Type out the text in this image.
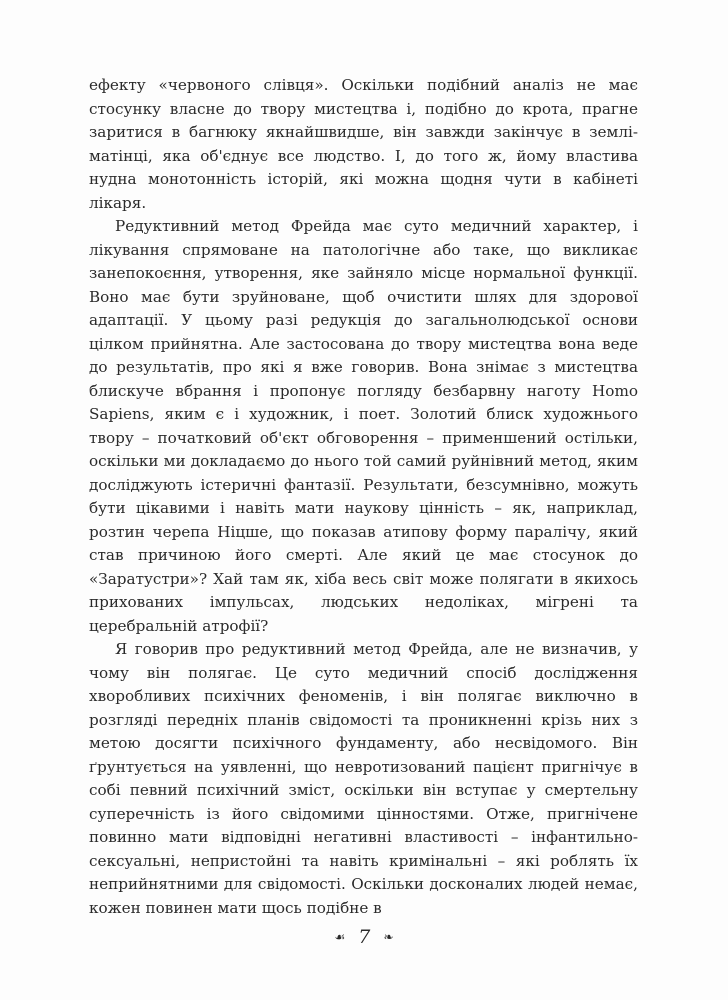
ефекту «червоного слівця». Оскільки подібний аналіз не має стосунку власне до твору мистецтва і, подібно до крота, прагне заритися в багнюку якнайшвидше, він завжди закінчує в землі-матінці, яка об'єднує все людство. І, до того ж, йому властива нудна монотонність історій, які можна щодня чути в кабінеті лікаря.

Редуктивний метод Фрейда має суто медичний характер, і лікування спрямоване на патологічне або таке, що викликає занепокоєння, утворення, яке зайняло місце нормальної функції. Воно має бути зруйноване, щоб очистити шлях для здорової адаптації. У цьому разі редукція до загальнолюдської основи цілком прийнятна. Але застосована до твору мистецтва вона веде до результатів, про які я вже говорив. Вона знімає з мистецтва блискуче вбрання і пропонує погляду безбарвну наготу Homo Sapiens, яким є і художник, і поет. Золотий блиск художнього твору – початковий об'єкт обговорення – применшений остільки, оскільки ми докладаємо до нього той самий руйнівний метод, яким досліджують істеричні фантазії. Результати, безсумнівно, можуть бути цікавими і навіть мати наукову цінність – як, наприклад, розтин черепа Ніцше, що показав атипову форму паралічу, який став причиною його смерті. Але який це має стосунок до «Заратустри»? Хай там як, хіба весь світ може полягати в якихось прихованих імпульсах, людських недоліках, мігрені та церебральній атрофії?

Я говорив про редуктивний метод Фрейда, але не визначив, у чому він полягає. Це суто медичний спосіб дослідження хворобливих психічних феноменів, і він полягає виключно в розгляді передніх планів свідомості та проникненні крізь них з метою досягти психічного фундаменту, або несвідомого. Він ґрунтується на уявленні, що невротизований пацієнт пригнічує в собі певний психічний зміст, оскільки він вступає у смертельну суперечність із його свідомими цінностями. Отже, пригнічене повинно мати відповідні негативні властивості – інфантильно-сексуальні, непристойні та навіть кримінальні – які роблять їх неприйнятними для свідомості. Оскільки досконалих людей немає, кожен повинен мати щось подібне в

☙ 7 ❧
